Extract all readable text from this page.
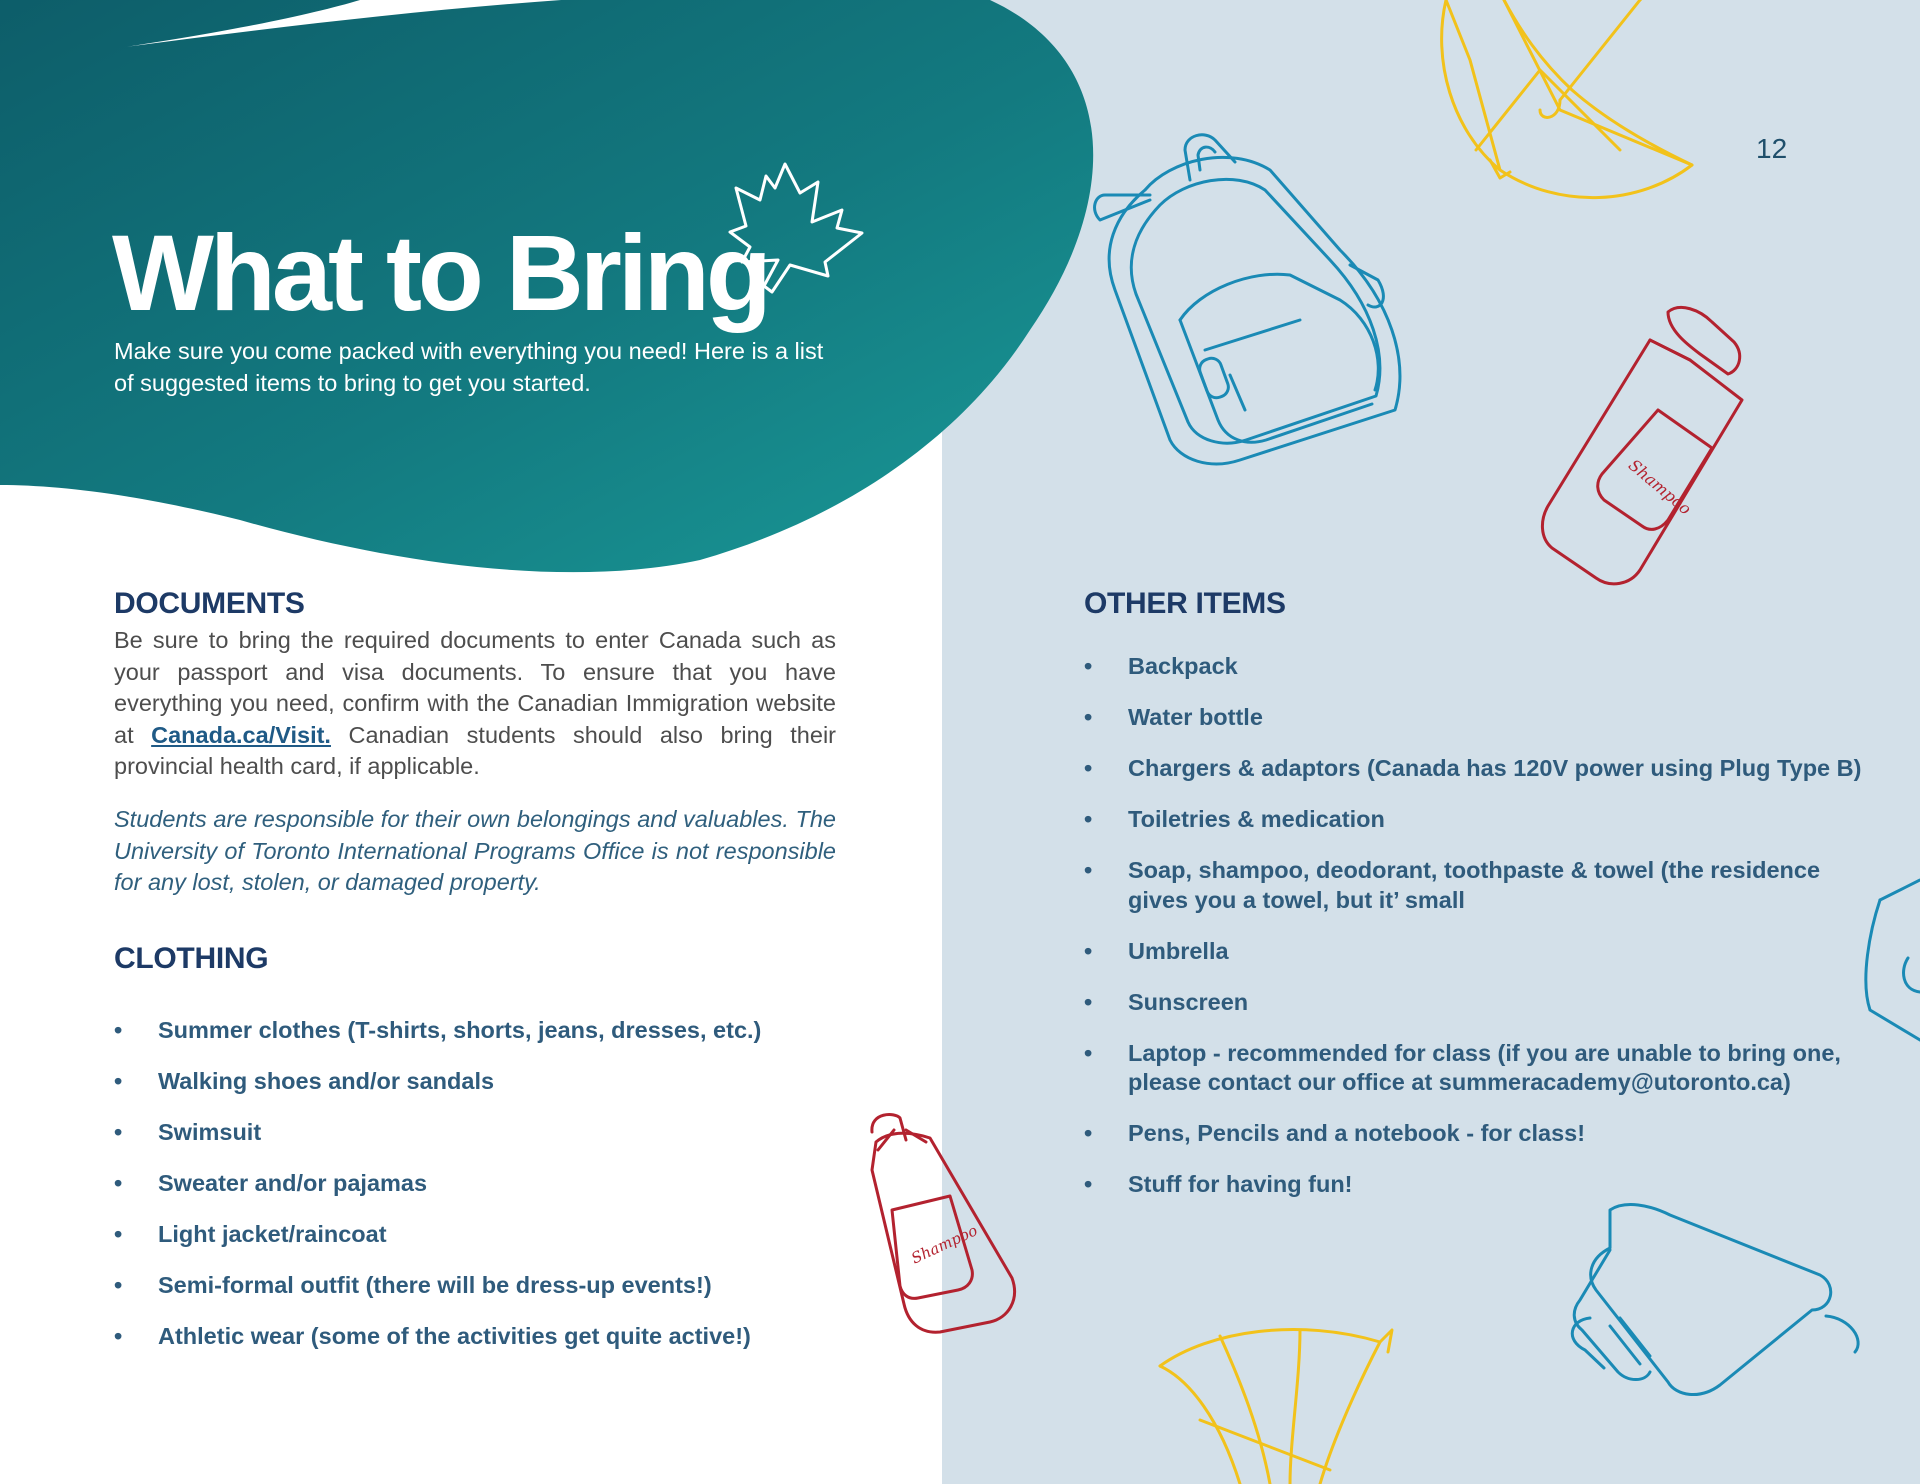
Shampoo
Shampoo
12
What to Bring

Make sure you come packed with everything you need! Here is a list of suggested items to bring to get you started.

DOCUMENTS

Be sure to bring the required documents to enter Canada such as your passport and visa documents. To ensure that you have everything you need, confirm with the Canadian Immigration website at Canada.ca/Visit. Canadian students should also bring their provincial health card, if applicable.

Students are responsible for their own belongings and valuables. The University of Toronto International Programs Office is not responsible for any lost, stolen, or damaged property.

CLOTHING
• Summer clothes (T-shirts, shorts, jeans, dresses, etc.)
• Walking shoes and/or sandals
• Swimsuit
• Sweater and/or pajamas
• Light jacket/raincoat
• Semi-formal outfit (there will be dress-up events!)
• Athletic wear (some of the activities get quite active!)
OTHER ITEMS
• Backpack
• Water bottle
• Chargers & adaptors (Canada has 120V power using Plug Type B)
• Toiletries & medication
• Soap, shampoo, deodorant, toothpaste & towel (the residence gives you a towel, but it’ small
• Umbrella
• Sunscreen
• Laptop - recommended for class (if you are unable to bring one, please contact our office at summeracademy@utoronto.ca)
• Pens, Pencils and a notebook - for class!
• Stuff for having fun!
